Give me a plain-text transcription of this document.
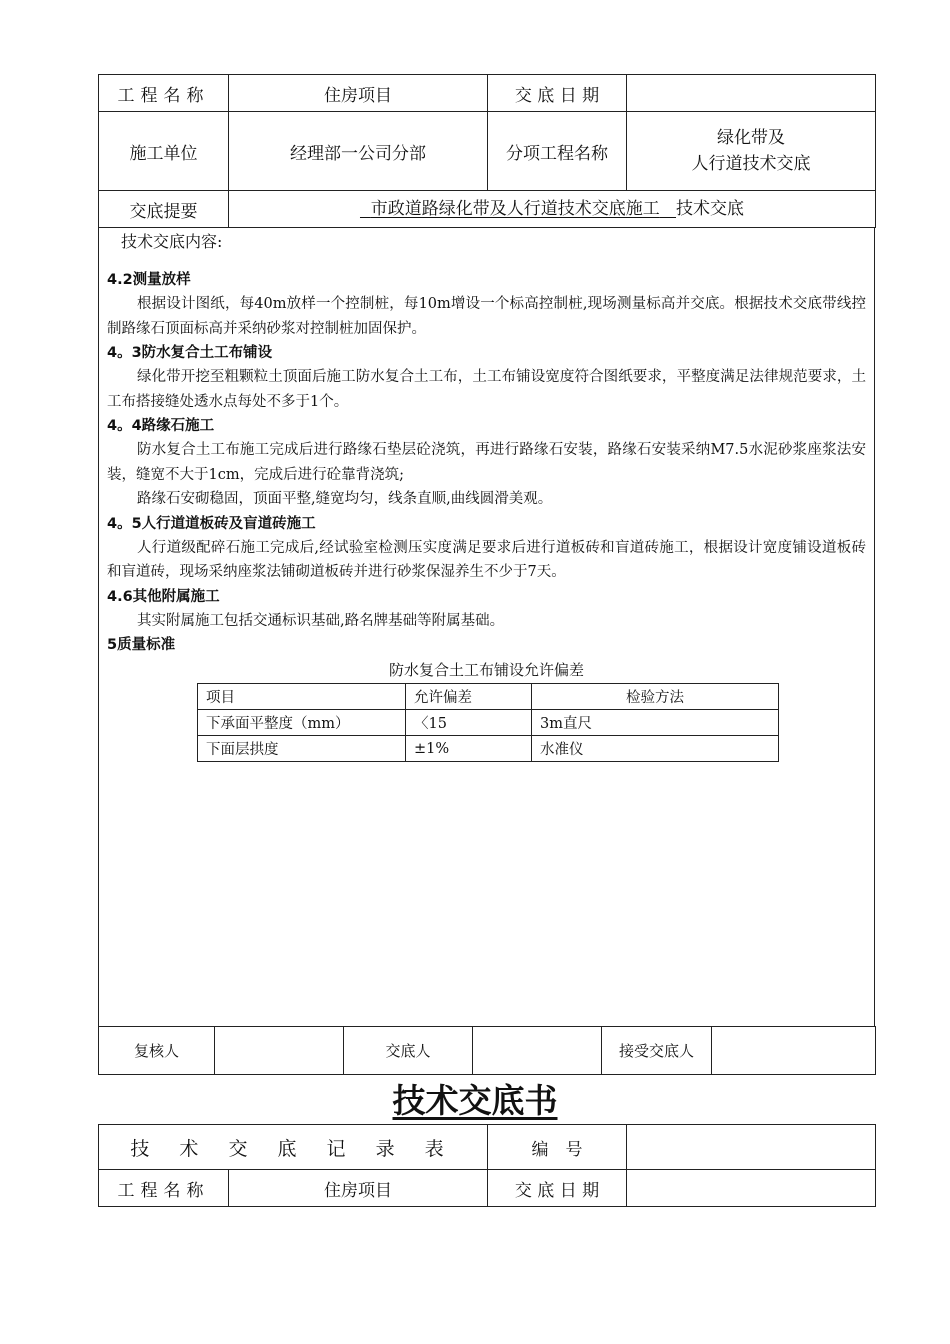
工程名称	住房项目	交 底 日 期	
施工单位	经理部一公司分部	分项工程名称	绿化带及
人行道技术交底

交底提要	市政道路绿化带及人行道技术交底施工 技术交底		

技术交底内容:

4.2测量放样

根据设计图纸，每40m放样一个控制桩，每10m增设一个标高控制桩,现场测量标高并交底。根据技术交底带线控制路缘石顶面标高并采纳砂浆对控制桩加固保护。

4。3防水复合土工布铺设

绿化带开挖至粗颗粒土顶面后施工防水复合土工布，土工布铺设宽度符合图纸要求，平整度满足法律规范要求，土工布搭接缝处透水点每处不多于1个。

4。4路缘石施工

防水复合土工布施工完成后进行路缘石垫层砼浇筑，再进行路缘石安装，路缘石安装采纳M7.5水泥砂浆座浆法安装，缝宽不大于1cm，完成后进行砼靠背浇筑;

路缘石安砌稳固，顶面平整,缝宽均匀，线条直顺,曲线圆滑美观。

4。5人行道道板砖及盲道砖施工

人行道级配碎石施工完成后,经试验室检测压实度满足要求后进行道板砖和盲道砖施工，根据设计宽度铺设道板砖和盲道砖，现场采纳座浆法铺砌道板砖并进行砂浆保湿养生不少于7天。

4.6其他附属施工

其实附属施工包括交通标识基础,路名牌基础等附属基础。

5质量标准

防水复合土工布铺设允许偏差

项目	允许偏差	检验方法
下承面平整度（mm）	〈15	3m直尺
下面层拱度	±1%	水准仪
复核人		交底人		接受交底人	
技术交底书
技 术 交 底 记 录 表		编　号	
工程名称	住房项目	交 底 日 期	
